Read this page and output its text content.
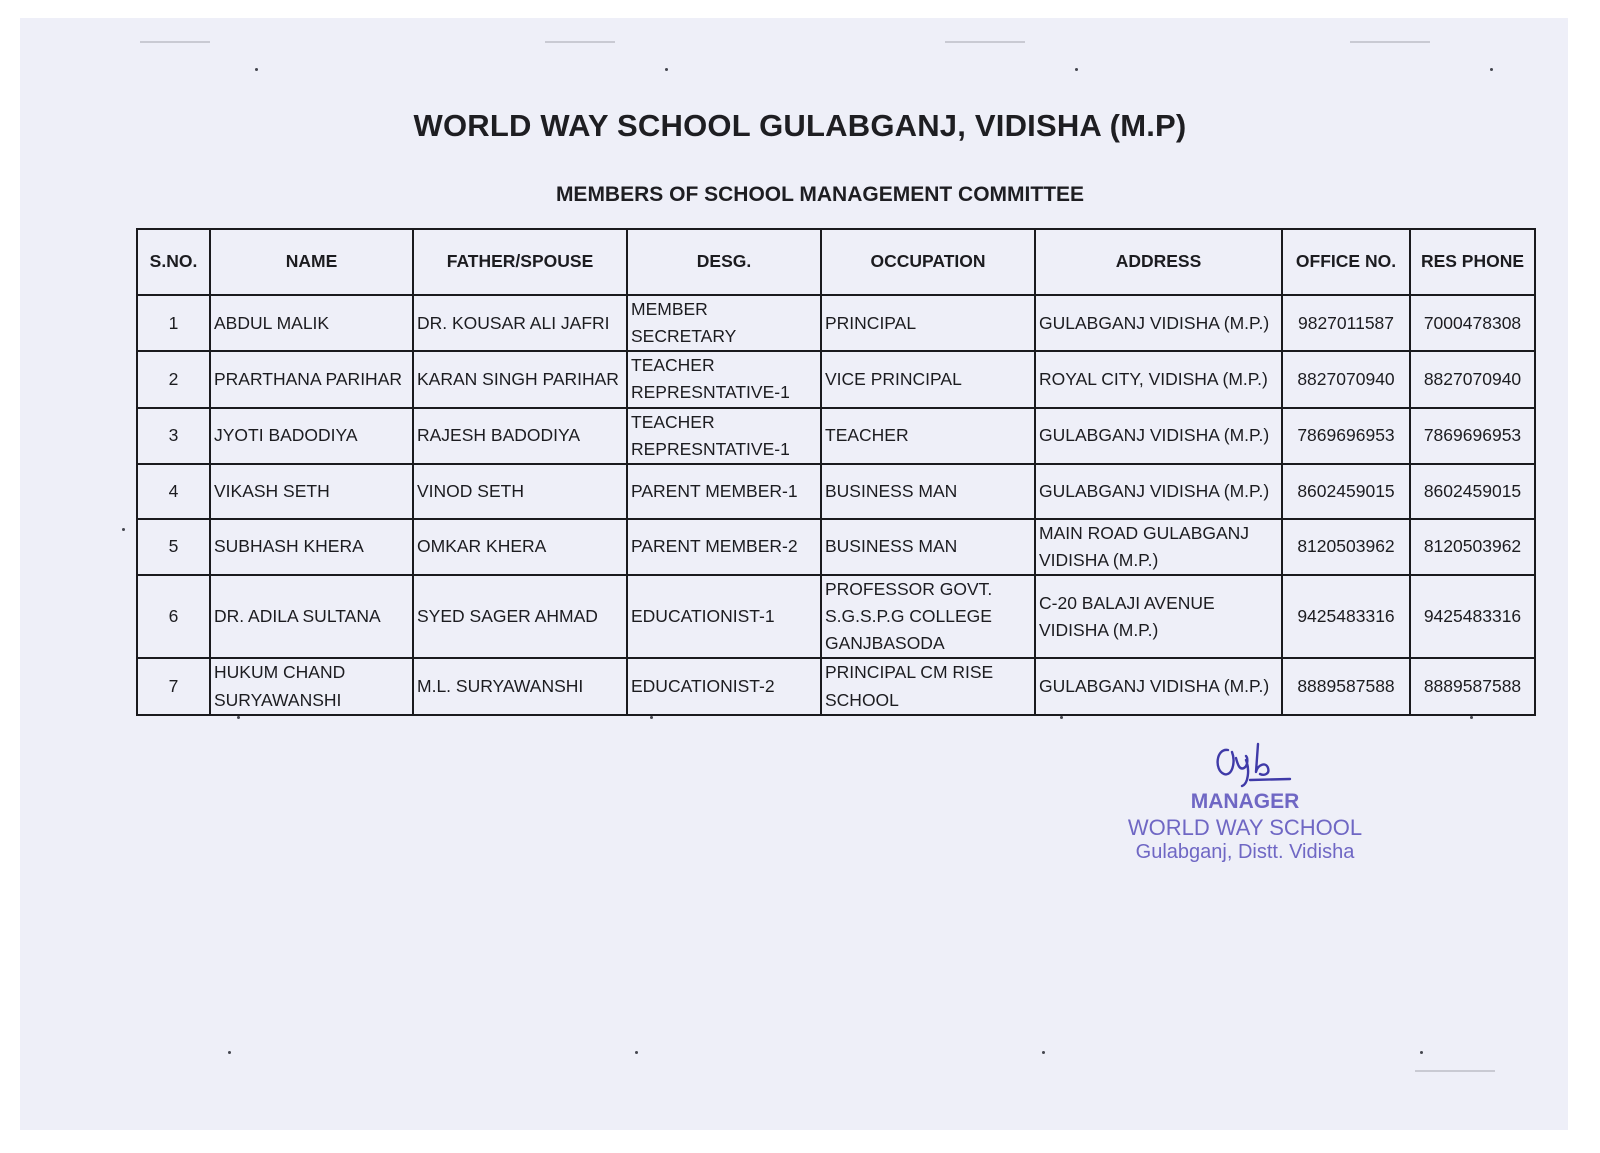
WORLD WAY SCHOOL GULABGANJ, VIDISHA (M.P)
MEMBERS OF SCHOOL MANAGEMENT COMMITTEE
S.NO.	NAME	FATHER/SPOUSE	DESG.	OCCUPATION	ADDRESS	OFFICE NO.	RES PHONE
1	ABDUL MALIK	DR. KOUSAR ALI JAFRI	MEMBER SECRETARY	PRINCIPAL	GULABGANJ VIDISHA (M.P.)	9827011587	7000478308
2	PRARTHANA PARIHAR	KARAN SINGH PARIHAR	TEACHER REPRESNTATIVE-1	VICE PRINCIPAL	ROYAL CITY, VIDISHA (M.P.)	8827070940	8827070940
3	JYOTI BADODIYA	RAJESH BADODIYA	TEACHER REPRESNTATIVE-1	TEACHER	GULABGANJ VIDISHA (M.P.)	7869696953	7869696953
4	VIKASH SETH	VINOD SETH	PARENT MEMBER-1	BUSINESS MAN	GULABGANJ VIDISHA (M.P.)	8602459015	8602459015
5	SUBHASH KHERA	OMKAR KHERA	PARENT MEMBER-2	BUSINESS MAN	MAIN ROAD GULABGANJ VIDISHA (M.P.)	8120503962	8120503962
6	DR. ADILA SULTANA	SYED SAGER AHMAD	EDUCATIONIST-1	PROFESSOR GOVT. S.G.S.P.G COLLEGE GANJBASODA	C-20 BALAJI AVENUE VIDISHA (M.P.)	9425483316	9425483316
7	HUKUM CHAND SURYAWANSHI	M.L. SURYAWANSHI	EDUCATIONIST-2	PRINCIPAL CM RISE SCHOOL	GULABGANJ VIDISHA (M.P.)	8889587588	8889587588
MANAGER
WORLD WAY SCHOOL
Gulabganj, Distt. Vidisha
